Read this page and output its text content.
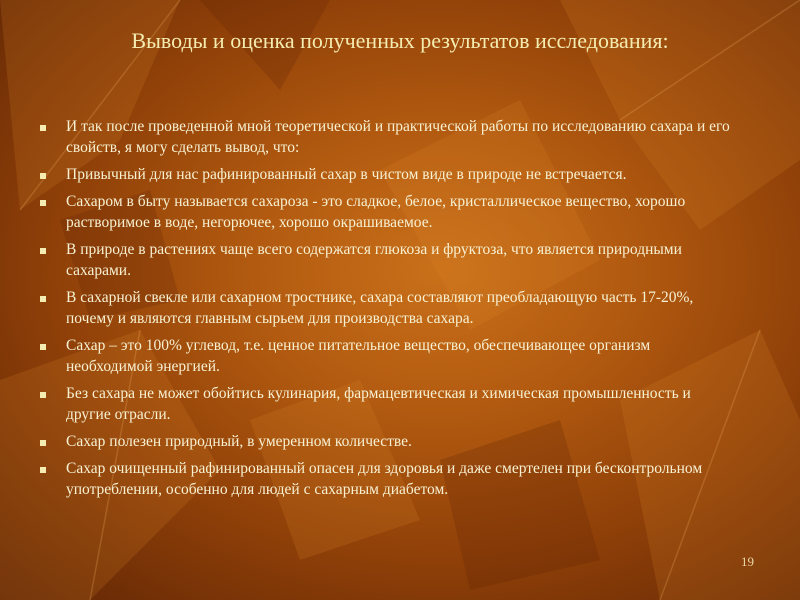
Выводы и оценка полученных результатов исследования:
И так после проведенной мной теоретической и практической работы по исследованию сахара и его свойств, я могу сделать вывод, что:
Привычный для нас рафинированный сахар в чистом виде в природе не встречается.
Сахаром в быту называется сахароза - это сладкое, белое, кристаллическое вещество, хорошо растворимое в воде, негорючее, хорошо окрашиваемое.
В природе в растениях чаще всего содержатся глюкоза и фруктоза, что является природными сахарами.
В сахарной свекле или сахарном тростнике, сахара составляют преобладающую часть 17-20%, почему и являются главным сырьем для производства сахара.
Сахар – это 100% углевод, т.е. ценное питательное вещество, обеспечивающее организм необходимой энергией.
Без сахара не может обойтись кулинария, фармацевтическая и химическая промышленность и другие отрасли.
Сахар полезен природный, в умеренном количестве.
Сахар очищенный рафинированный опасен для здоровья и даже смертелен при бесконтрольном употреблении, особенно для людей с сахарным диабетом.
19
